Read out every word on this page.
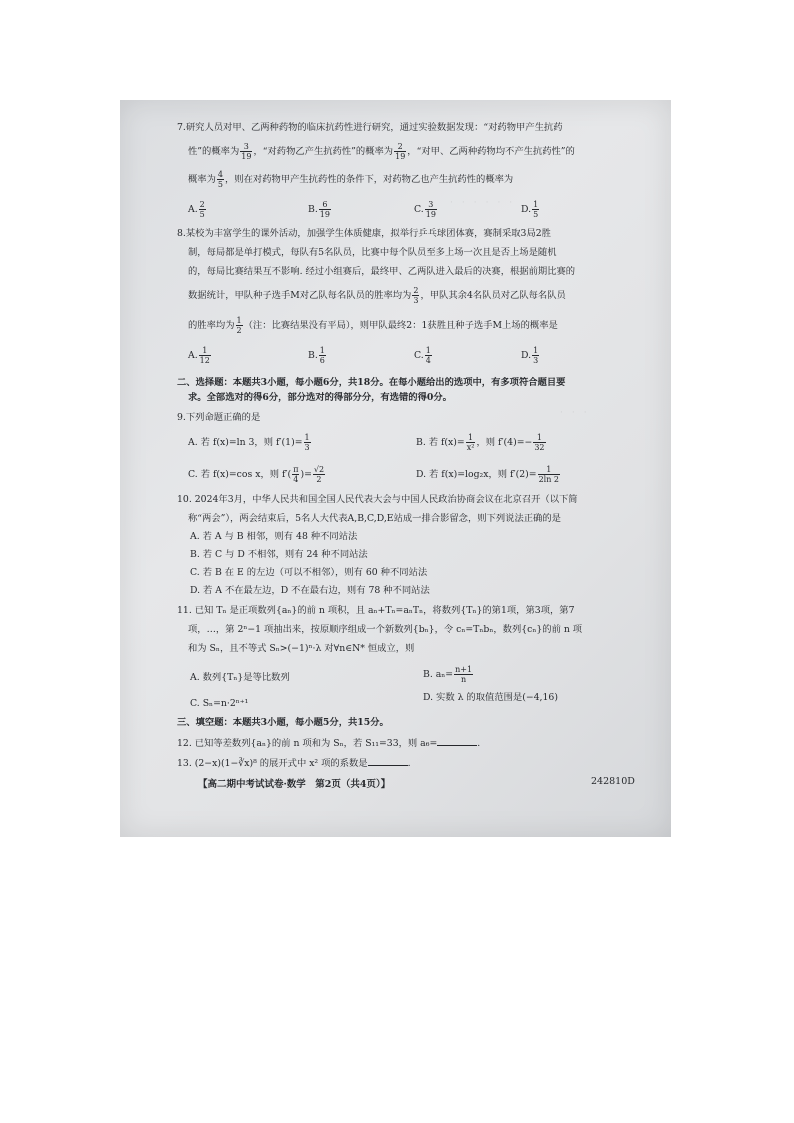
·　·　·　·　·　·
·　·　·
7.研究人员对甲、乙两种药物的临床抗药性进行研究，通过实验数据发现：“对药物甲产生抗药
性”的概率为 $\frac{3}{19}$ ，“对药物乙产生抗药性”的概率为 $\frac{2}{19}$ ，“对甲、乙两种药物均不产生抗药性”的
概率为 $\frac{4}{5}$ ，则在对药物甲产生抗药性的条件下，对药物乙也产生抗药性的概率为
A. $\frac{2}{5}$	B. $\frac{6}{19}$	C. $\frac{3}{19}$	D. $\frac{1}{5}$
8.某校为丰富学生的课外活动，加强学生体质健康，拟举行乒乓球团体赛，赛制采取3局2胜
制，每局都是单打模式，每队有5名队员，比赛中每个队员至多上场一次且是否上场是随机
的，每局比赛结果互不影响. 经过小组赛后，最终甲、乙两队进入最后的决赛，根据前期比赛的
数据统计，甲队种子选手M对乙队每名队员的胜率均为 $\frac{2}{3}$ ，甲队其余4名队员对乙队每名队员
的胜率均为 $\frac{1}{2}$ （注：比赛结果没有平局），则甲队最终2：1获胜且种子选手M上场的概率是
A. $\frac{1}{12}$	B. $\frac{1}{6}$	C. $\frac{1}{4}$	D. $\frac{1}{3}$
二、选择题：本题共3小题，每小题6分，共18分。在每小题给出的选项中，有多项符合题目要
求。全部选对的得6分，部分选对的得部分分，有选错的得0分。
9.下列命题正确的是
A. 若 f(x)=ln 3，则 $f'(1)= \frac{1}{3}$	B. 若 $f(x)= \frac{1}{\text{x²}}$ ，则 $f'(4)=- \frac{1}{32}$
C. 若 f(x)=cos x，则 $f'( \frac{\pi}{4}$ )= $\frac{√2}{2}$	D. 若 f(x)=log₂x，则 $f'(2)= \frac{1}{2\ln 2}$
10. 2024年3月，中华人民共和国全国人民代表大会与中国人民政治协商会议在北京召开（以下简
称“两会”），两会结束后，5名人大代表A,B,C,D,E站成一排合影留念，则下列说法正确的是
A. 若 A 与 B 相邻，则有 48 种不同站法
B. 若 C 与 D 不相邻，则有 24 种不同站法
C. 若 B 在 E 的左边（可以不相邻），则有 60 种不同站法
D. 若 A 不在最左边，D 不在最右边，则有 78 种不同站法
11. 已知 Tₙ 是正项数列{aₙ}的前 n 项积，且 aₙ+Tₙ=aₙTₙ，将数列{Tₙ}的第1项，第3项，第7
项，…，第 2ⁿ−1 项抽出来，按原顺序组成一个新数列{bₙ}，令 cₙ=Tₙbₙ，数列{cₙ}的前 n 项
和为 Sₙ，且不等式 Sₙ>(−1)ⁿ·λ 对∀n∈N* 恒成立，则
A. 数列{Tₙ}是等比数列	B. $a_n= \frac{n+1}{n}$
C. Sₙ=n·2ⁿ⁺¹
D. 实数 λ 的取值范围是(−4,16)
三、填空题：本题共3小题，每小题5分，共15分。
12. 已知等差数列{aₙ}的前 n 项和为 Sₙ，若 S₁₁=33，则 a₆=	.
13. (2−x)(1−∛x)⁸ 的展开式中 x² 项的系数是	.
【高二期中考试试卷·数学　第2页（共4页）】	242810D
